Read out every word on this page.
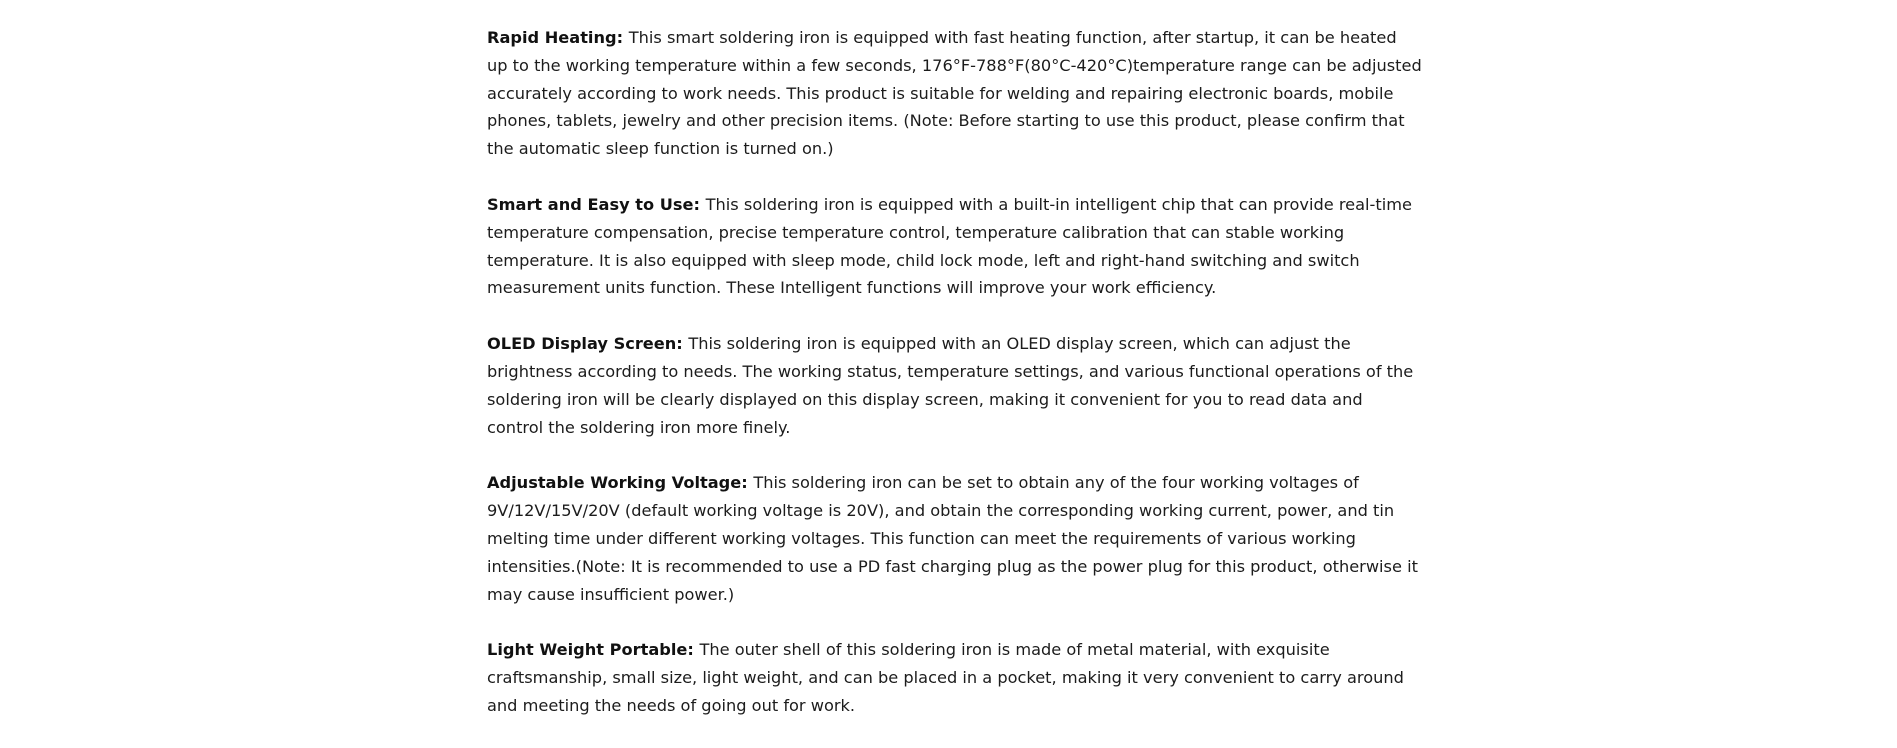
Rapid Heating: This smart soldering iron is equipped with fast heating function, after startup, it can be heated up to the working temperature within a few seconds, 176°F-788°F(80°C-420°C)temperature range can be adjusted accurately according to work needs. This product is suitable for welding and repairing electronic boards, mobile phones, tablets, jewelry and other precision items. (Note: Before starting to use this product, please confirm that the automatic sleep function is turned on.)

Smart and Easy to Use: This soldering iron is equipped with a built-in intelligent chip that can provide real-time temperature compensation, precise temperature control, temperature calibration that can stable working temperature. It is also equipped with sleep mode, child lock mode, left and right-hand switching and switch measurement units function. These Intelligent functions will improve your work efficiency.

OLED Display Screen: This soldering iron is equipped with an OLED display screen, which can adjust the brightness according to needs. The working status, temperature settings, and various functional operations of the soldering iron will be clearly displayed on this display screen, making it convenient for you to read data and control the soldering iron more finely.

Adjustable Working Voltage: This soldering iron can be set to obtain any of the four working voltages of 9V/12V/15V/20V (default working voltage is 20V), and obtain the corresponding working current, power, and tin melting time under different working voltages. This function can meet the requirements of various working intensities.(Note: It is recommended to use a PD fast charging plug as the power plug for this product, otherwise it may cause insufficient power.)

Light Weight Portable: The outer shell of this soldering iron is made of metal material, with exquisite craftsmanship, small size, light weight, and can be placed in a pocket, making it very convenient to carry around and meeting the needs of going out for work.
